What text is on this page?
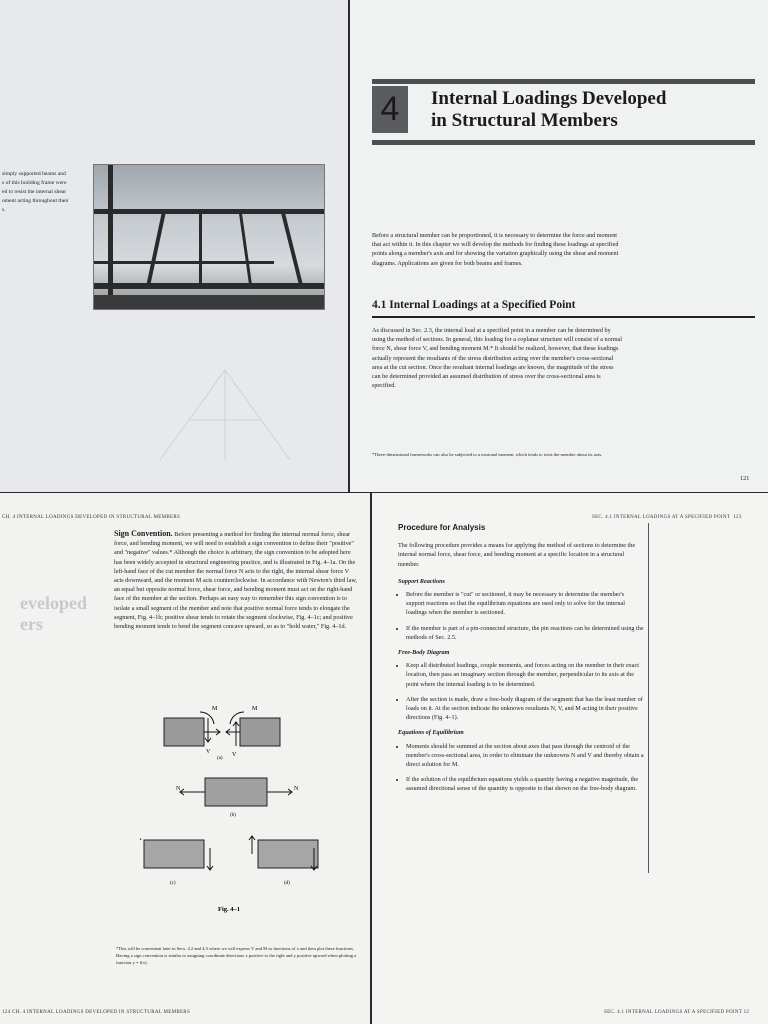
simply supported beams and
s of this building frame were
ed to resist the internal shear
oment acting throughout their
s.
4	Internal Loadings Developed
in Structural Members
Before a structural member can be proportioned, it is necessary to determine the force and moment that act within it. In this chapter we will develop the methods for finding these loadings at specified points along a member's axis and for showing the variation graphically using the shear and moment diagrams. Applications are given for both beams and frames.
4.1 Internal Loadings at a Specified Point
As discussed in Sec. 2.3, the internal load at a specified point in a member can be determined by using the method of sections. In general, this loading for a coplanar structure will consist of a normal force N, shear force V, and bending moment M.* It should be realized, however, that these loadings actually represent the resultants of the stress distribution acting over the member's cross-sectional area at the cut section. Once the resultant internal loadings are known, the magnitude of the stress can be determined provided an assumed distribution of stress over the cross-sectional area is specified.
*Three-dimensional frameworks can also be subjected to a torsional moment, which tends to twist the member about its axis.
121
CH. 4 INTERNAL LOADINGS DEVELOPED IN STRUCTURAL MEMBERS
eveloped
ers
Sign Convention. Before presenting a method for finding the internal normal force, shear force, and bending moment, we will need to establish a sign convention to define their "positive" and "negative" values.* Although the choice is arbitrary, the sign convention to be adopted here has been widely accepted in structural engineering practice, and is illustrated in Fig. 4–1a. On the left-hand face of the cut member the normal force N acts to the right, the internal shear force V acts downward, and the moment M acts counterclockwise. In accordance with Newton's third law, an equal but opposite normal force, shear force, and bending moment must act on the right-hand face of the member at the section. Perhaps an easy way to remember this sign convention is to isolate a small segment of the member and note that positive normal force tends to elongate the segment, Fig. 4–1b; positive shear tends to rotate the segment clockwise, Fig. 4–1c; and positive bending moment tends to bend the segment concave upward, so as to "hold water," Fig. 4–1d.
M	M
V	V
(a)
N	N
(b)
(c)	(d)
Fig. 4–1
*This will be convenient later in Secs. 4.2 and 4.3 where we will express V and M as functions of x and then plot these functions. Having a sign convention is similar to assigning coordinate directions x positive to the right and y positive upward when plotting a function y = f(x).
124 CH. 4 INTERNAL LOADINGS DEVELOPED IN STRUCTURAL MEMBERS
SEC. 4.1 INTERNAL LOADINGS AT A SPECIFIED POINT 123
Procedure for Analysis
The following procedure provides a means for applying the method of sections to determine the internal normal force, shear force, and bending moment at a specific location in a structural member.
Support Reactions
• Before the member is "cut" or sectioned, it may be necessary to determine the member's support reactions so that the equilibrium equations are used only to solve for the internal loadings when the member is sectioned.
• If the member is part of a pin-connected structure, the pin reactions can be determined using the methods of Sec. 2.5.
Free-Body Diagram
• Keep all distributed loadings, couple moments, and forces acting on the member in their exact location, then pass an imaginary section through the member, perpendicular to its axis at the point where the internal loading is to be determined.
• After the section is made, draw a free-body diagram of the segment that has the least number of loads on it. At the section indicate the unknown resultants N, V, and M acting in their positive directions (Fig. 4–1).
Equations of Equilibrium
• Moments should be summed at the section about axes that pass through the centroid of the member's cross-sectional area, in order to eliminate the unknowns N and V and thereby obtain a direct solution for M.
• If the solution of the equilibrium equations yields a quantity having a negative magnitude, the assumed directional sense of the quantity is opposite to that shown on the free-body diagram.
SEC. 4.1 INTERNAL LOADINGS AT A SPECIFIED POINT 12
